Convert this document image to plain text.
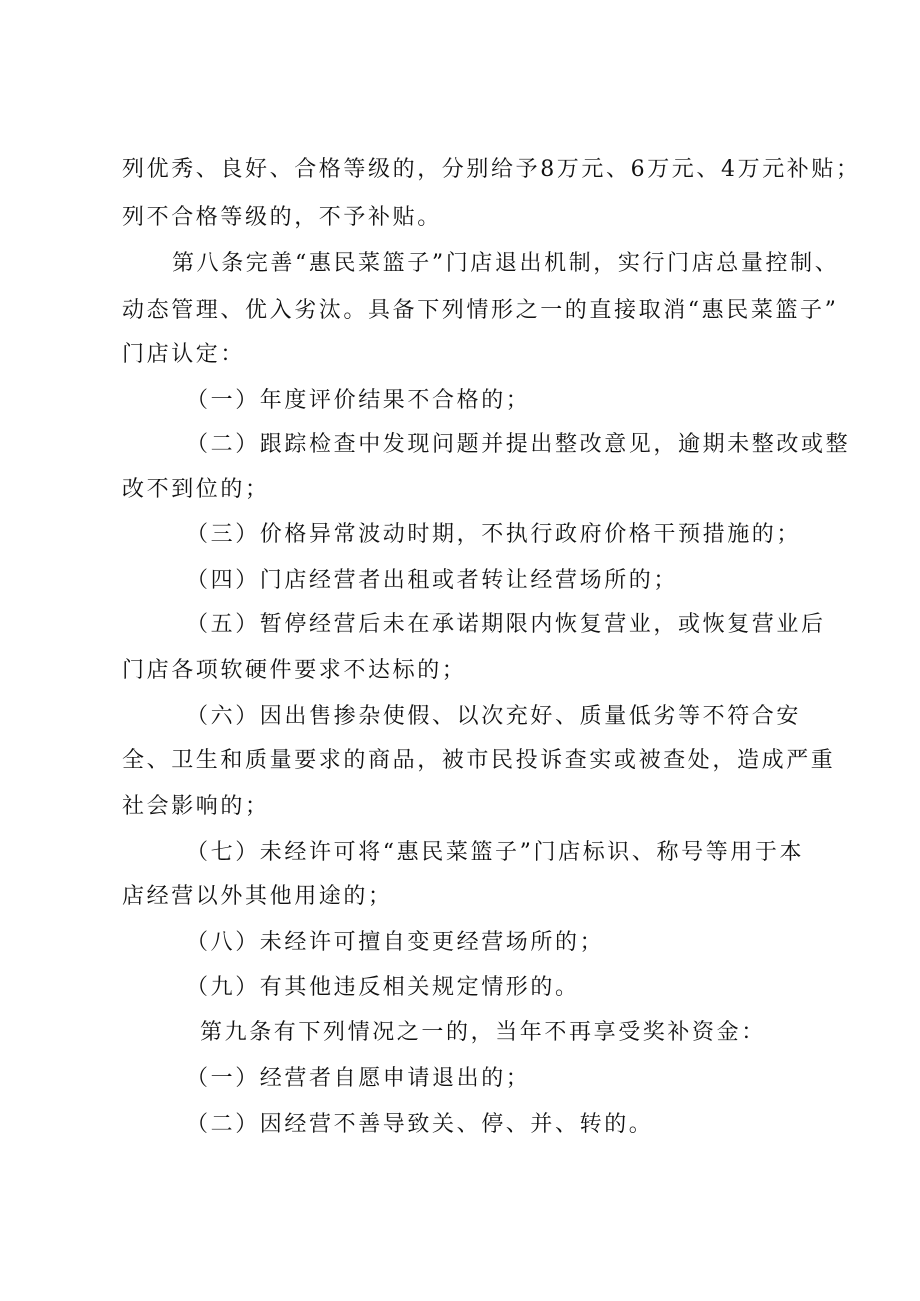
列优秀、良好、合格等级的，分别给予8万元、6万元、4万元补贴；
列不合格等级的，不予补贴。
第八条完善“惠民菜篮子”门店退出机制，实行门店总量控制、
动态管理、优入劣汰。具备下列情形之一的直接取消“惠民菜篮子”
门店认定：
（一）年度评价结果不合格的；
（二）跟踪检查中发现问题并提出整改意见，逾期未整改或整
改不到位的；
（三）价格异常波动时期，不执行政府价格干预措施的；
（四）门店经营者出租或者转让经营场所的；
（五）暂停经营后未在承诺期限内恢复营业，或恢复营业后
门店各项软硬件要求不达标的；
（六）因出售掺杂使假、以次充好、质量低劣等不符合安
全、卫生和质量要求的商品，被市民投诉查实或被查处，造成严重
社会影响的；
（七）未经许可将“惠民菜篮子”门店标识、称号等用于本
店经营以外其他用途的；
（八）未经许可擅自变更经营场所的；
（九）有其他违反相关规定情形的。
第九条有下列情况之一的，当年不再享受奖补资金：
（一）经营者自愿申请退出的；
（二）因经营不善导致关、停、并、转的。
